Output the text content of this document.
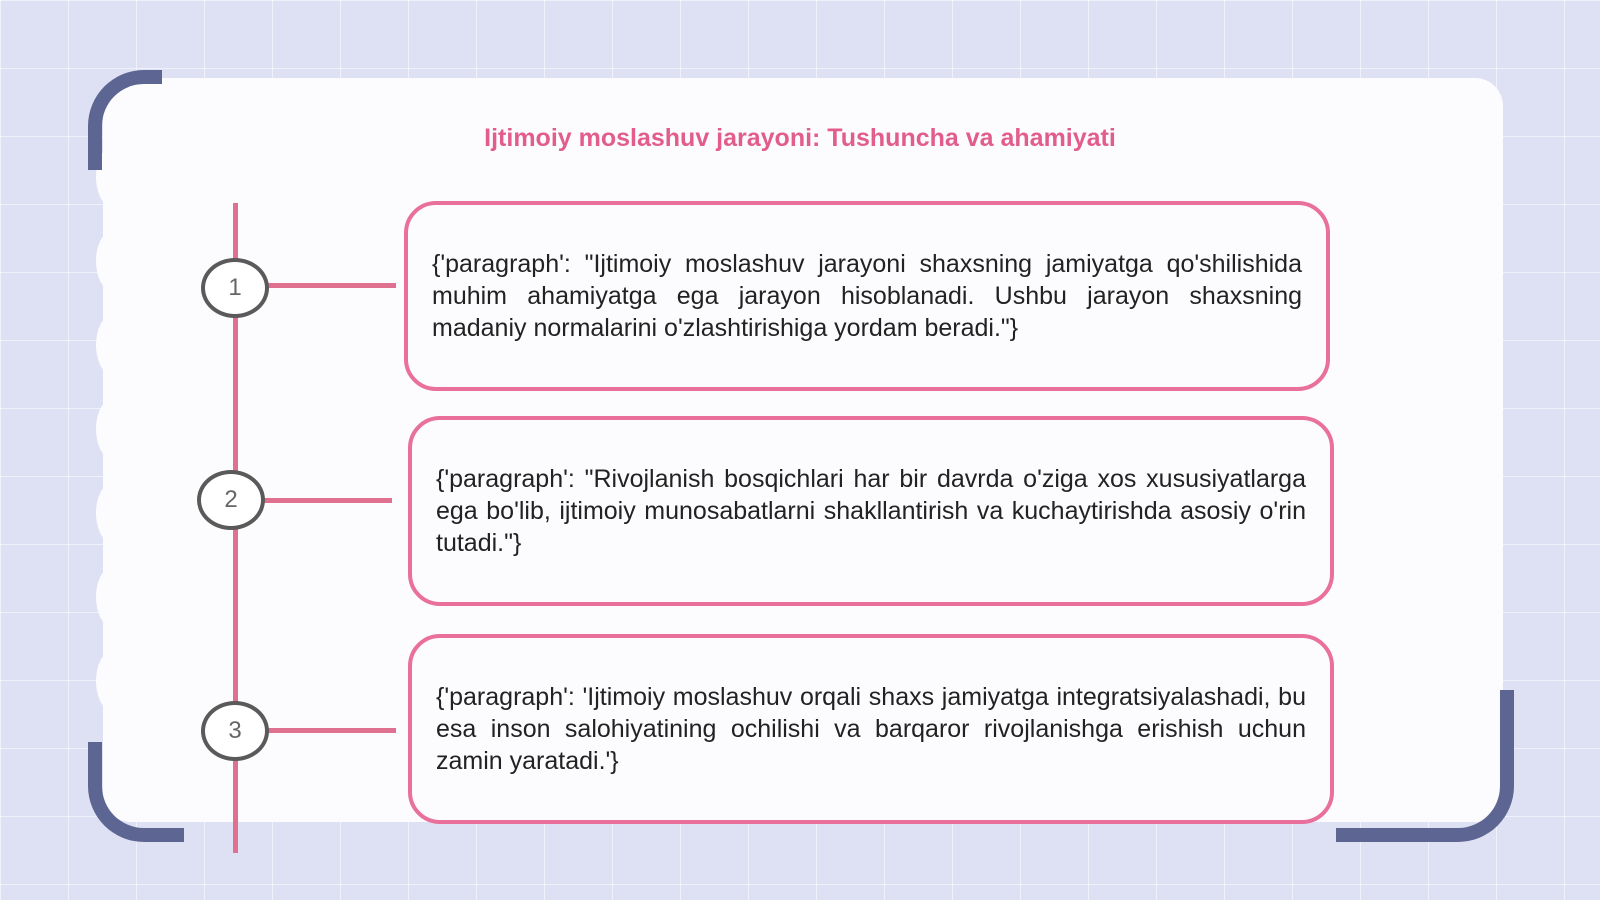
Ijtimoiy moslashuv jarayoni: Tushuncha va ahamiyati
1
2
3

{'paragraph': "Ijtimoiy moslashuv jarayoni shaxsning jamiyatga qo'shilishida muhim ahamiyatga ega jarayon hisoblanadi. Ushbu jarayon shaxsning madaniy normalarini o'zlashtirishiga yordam beradi."}

{'paragraph': "Rivojlanish bosqichlari har bir davrda o'ziga xos xususiyatlarga ega bo'lib, ijtimoiy munosabatlarni shakllantirish va kuchaytirishda asosiy o'rin tutadi."}

{'paragraph': 'Ijtimoiy moslashuv orqali shaxs jamiyatga integratsiyalashadi, bu esa inson salohiyatining ochilishi va barqaror rivojlanishga erishish uchun zamin yaratadi.'}
